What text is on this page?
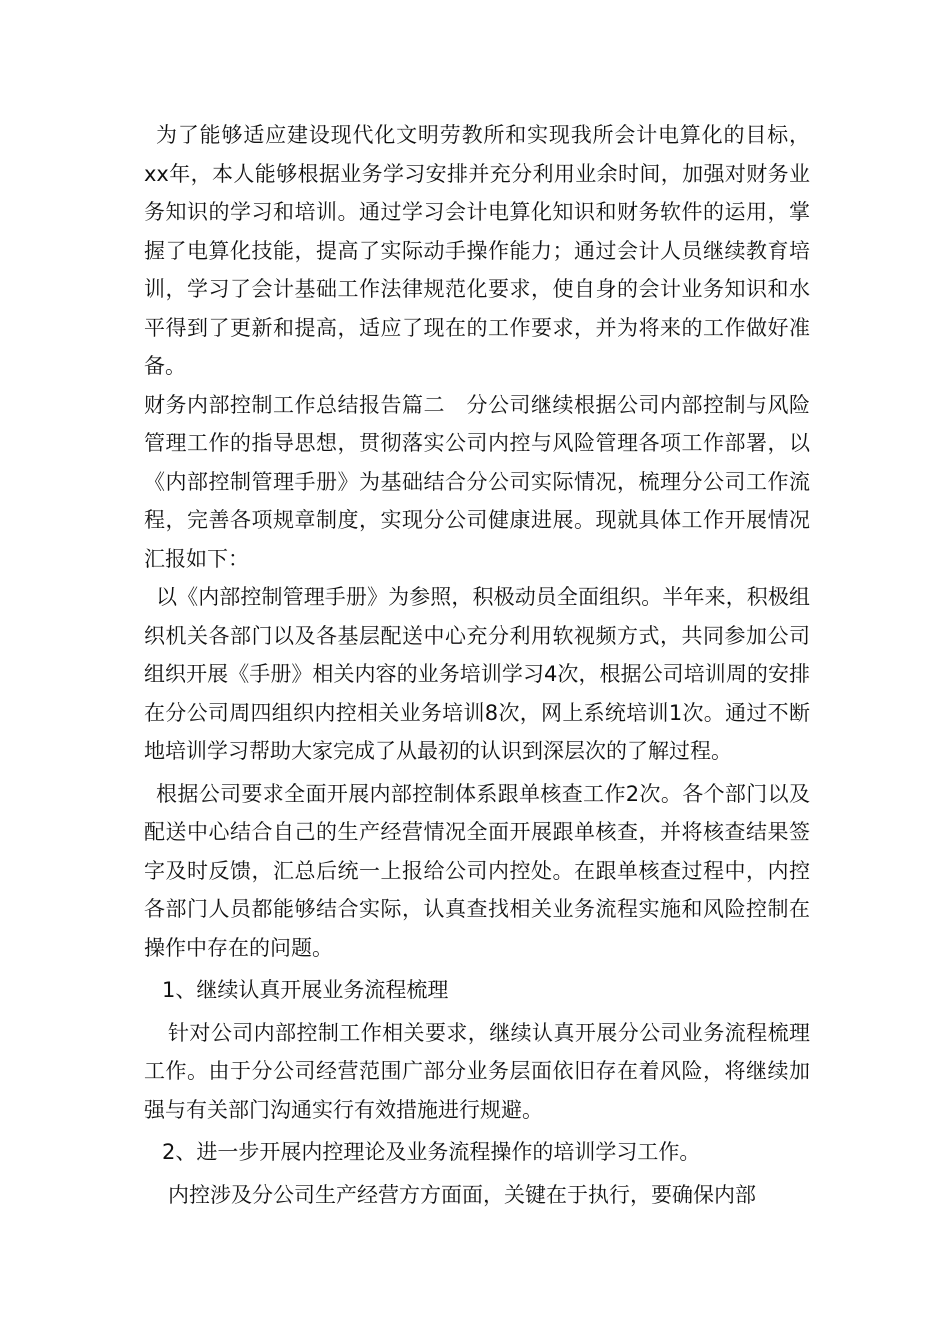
为了能够适应建设现代化文明劳教所和实现我所会计电算化的目标，xx年，本人能够根据业务学习安排并充分利用业余时间，加强对财务业务知识的学习和培训。通过学习会计电算化知识和财务软件的运用，掌握了电算化技能，提高了实际动手操作能力；通过会计人员继续教育培训，学习了会计基础工作法律规范化要求，使自身的会计业务知识和水平得到了更新和提高，适应了现在的工作要求，并为将来的工作做好准备。

财务内部控制工作总结报告篇二　分公司继续根据公司内部控制与风险管理工作的指导思想，贯彻落实公司内控与风险管理各项工作部署，以《内部控制管理手册》为基础结合分公司实际情况，梳理分公司工作流程，完善各项规章制度，实现分公司健康进展。现就具体工作开展情况汇报如下：

以《内部控制管理手册》为参照，积极动员全面组织。半年来，积极组织机关各部门以及各基层配送中心充分利用软视频方式，共同参加公司组织开展《手册》相关内容的业务培训学习4次，根据公司培训周的安排在分公司周四组织内控相关业务培训8次，网上系统培训1次。通过不断地培训学习帮助大家完成了从最初的认识到深层次的了解过程。

根据公司要求全面开展内部控制体系跟单核查工作2次。各个部门以及配送中心结合自己的生产经营情况全面开展跟单核查，并将核查结果签字及时反馈，汇总后统一上报给公司内控处。在跟单核查过程中，内控各部门人员都能够结合实际，认真查找相关业务流程实施和风险控制在操作中存在的问题。

1、继续认真开展业务流程梳理

针对公司内部控制工作相关要求，继续认真开展分公司业务流程梳理工作。由于分公司经营范围广部分业务层面依旧存在着风险，将继续加强与有关部门沟通实行有效措施进行规避。

2、进一步开展内控理论及业务流程操作的培训学习工作。

内控涉及分公司生产经营方方面面，关键在于执行，要确保内部
